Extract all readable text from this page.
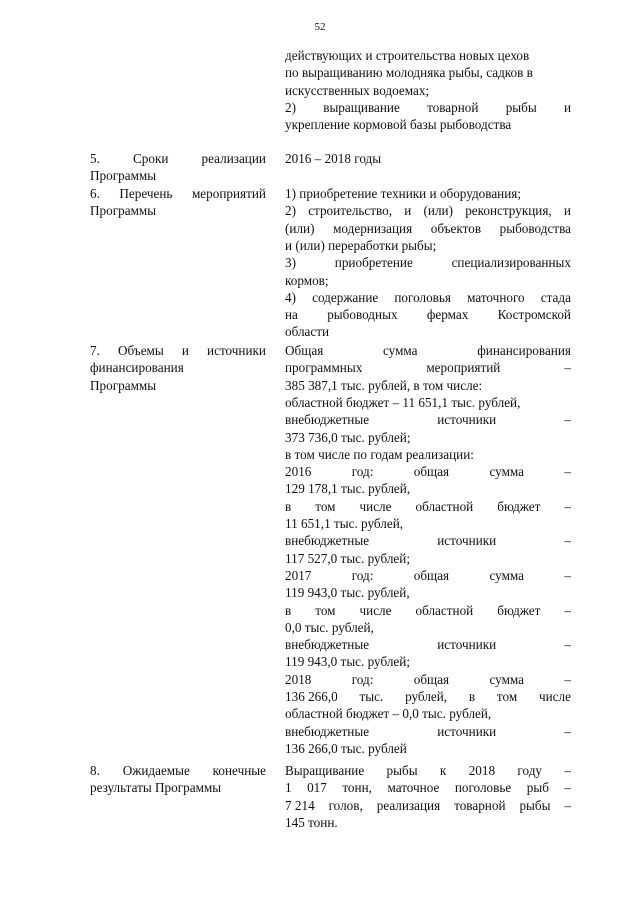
52
действующих и строительства новых цехов
по выращиванию молодняка рыбы, садков в
искусственных водоемах;
2) выращивание товарной рыбы и
укрепление кормовой базы рыбоводства
5.	Сроки	реализации
Программы
2016 – 2018 годы
6. Перечень мероприятий
Программы
1) приобретение техники и оборудования;
2) строительство, и (или) реконструкция, и
(или) модернизация объектов рыбоводства
и (или) переработки рыбы;
3)	приобретение	специализированных
кормов;
4) содержание поголовья маточного стада
на рыбоводных фермах Костромской
области
7. Объемы и источники
финансирования
Программы
Общая	сумма	финансирования
программных	мероприятий	–
385 387,1 тыс. рублей, в том числе:
областной бюджет – 11 651,1 тыс. рублей,
внебюджетные	источники	–
373 736,0 тыс. рублей;
в том числе по годам реализации:
2016	год:	общая	сумма	–
129 178,1 тыс. рублей,
в том числе областной бюджет –
11 651,1 тыс. рублей,
внебюджетные	источники	–
117 527,0 тыс. рублей;
2017	год:	общая	сумма	–
119 943,0 тыс. рублей,
в том числе областной бюджет –
0,0 тыс. рублей,
внебюджетные	источники	–
119 943,0 тыс. рублей;
2018	год:	общая	сумма	–
136 266,0 тыс. рублей, в том числе
областной бюджет – 0,0 тыс. рублей,
внебюджетные	источники	–
136 266,0 тыс. рублей
8. Ожидаемые конечные
результаты Программы
Выращивание рыбы к 2018 году –
1 017 тонн, маточное поголовье рыб –
7 214 голов, реализация товарной рыбы –
145 тонн.
